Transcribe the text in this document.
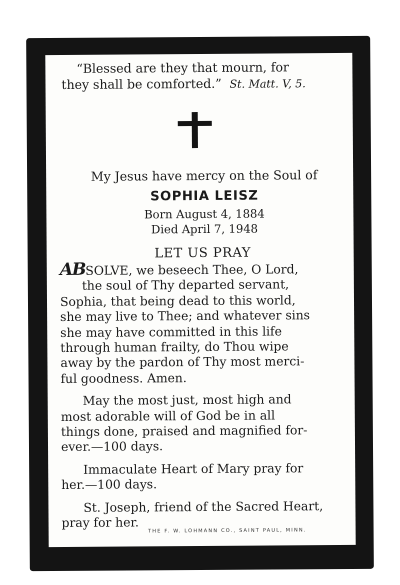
“Blessed are they that mourn, for
they shall be comforted.” St. Matt. V, 5.

My Jesus have mercy on the Soul of
SOPHIA LEISZ
Born August 4, 1884
Died April 7, 1948
LET US PRAY
ABSOLVE, we beseech Thee, O Lord,
the soul of Thy departed servant,
Sophia, that being dead to this world,
she may live to Thee; and whatever sins
she may have committed in this life
through human frailty, do Thou wipe
away by the pardon of Thy most merci-
ful goodness. Amen.
May the most just, most high and
most adorable will of God be in all
things done, praised and magnified for-
ever.—100 days.
Immaculate Heart of Mary pray for
her.—100 days.
St. Joseph, friend of the Sacred Heart,
pray for her.
THE F. W. LOHMANN CO., SAINT PAUL, MINN.
